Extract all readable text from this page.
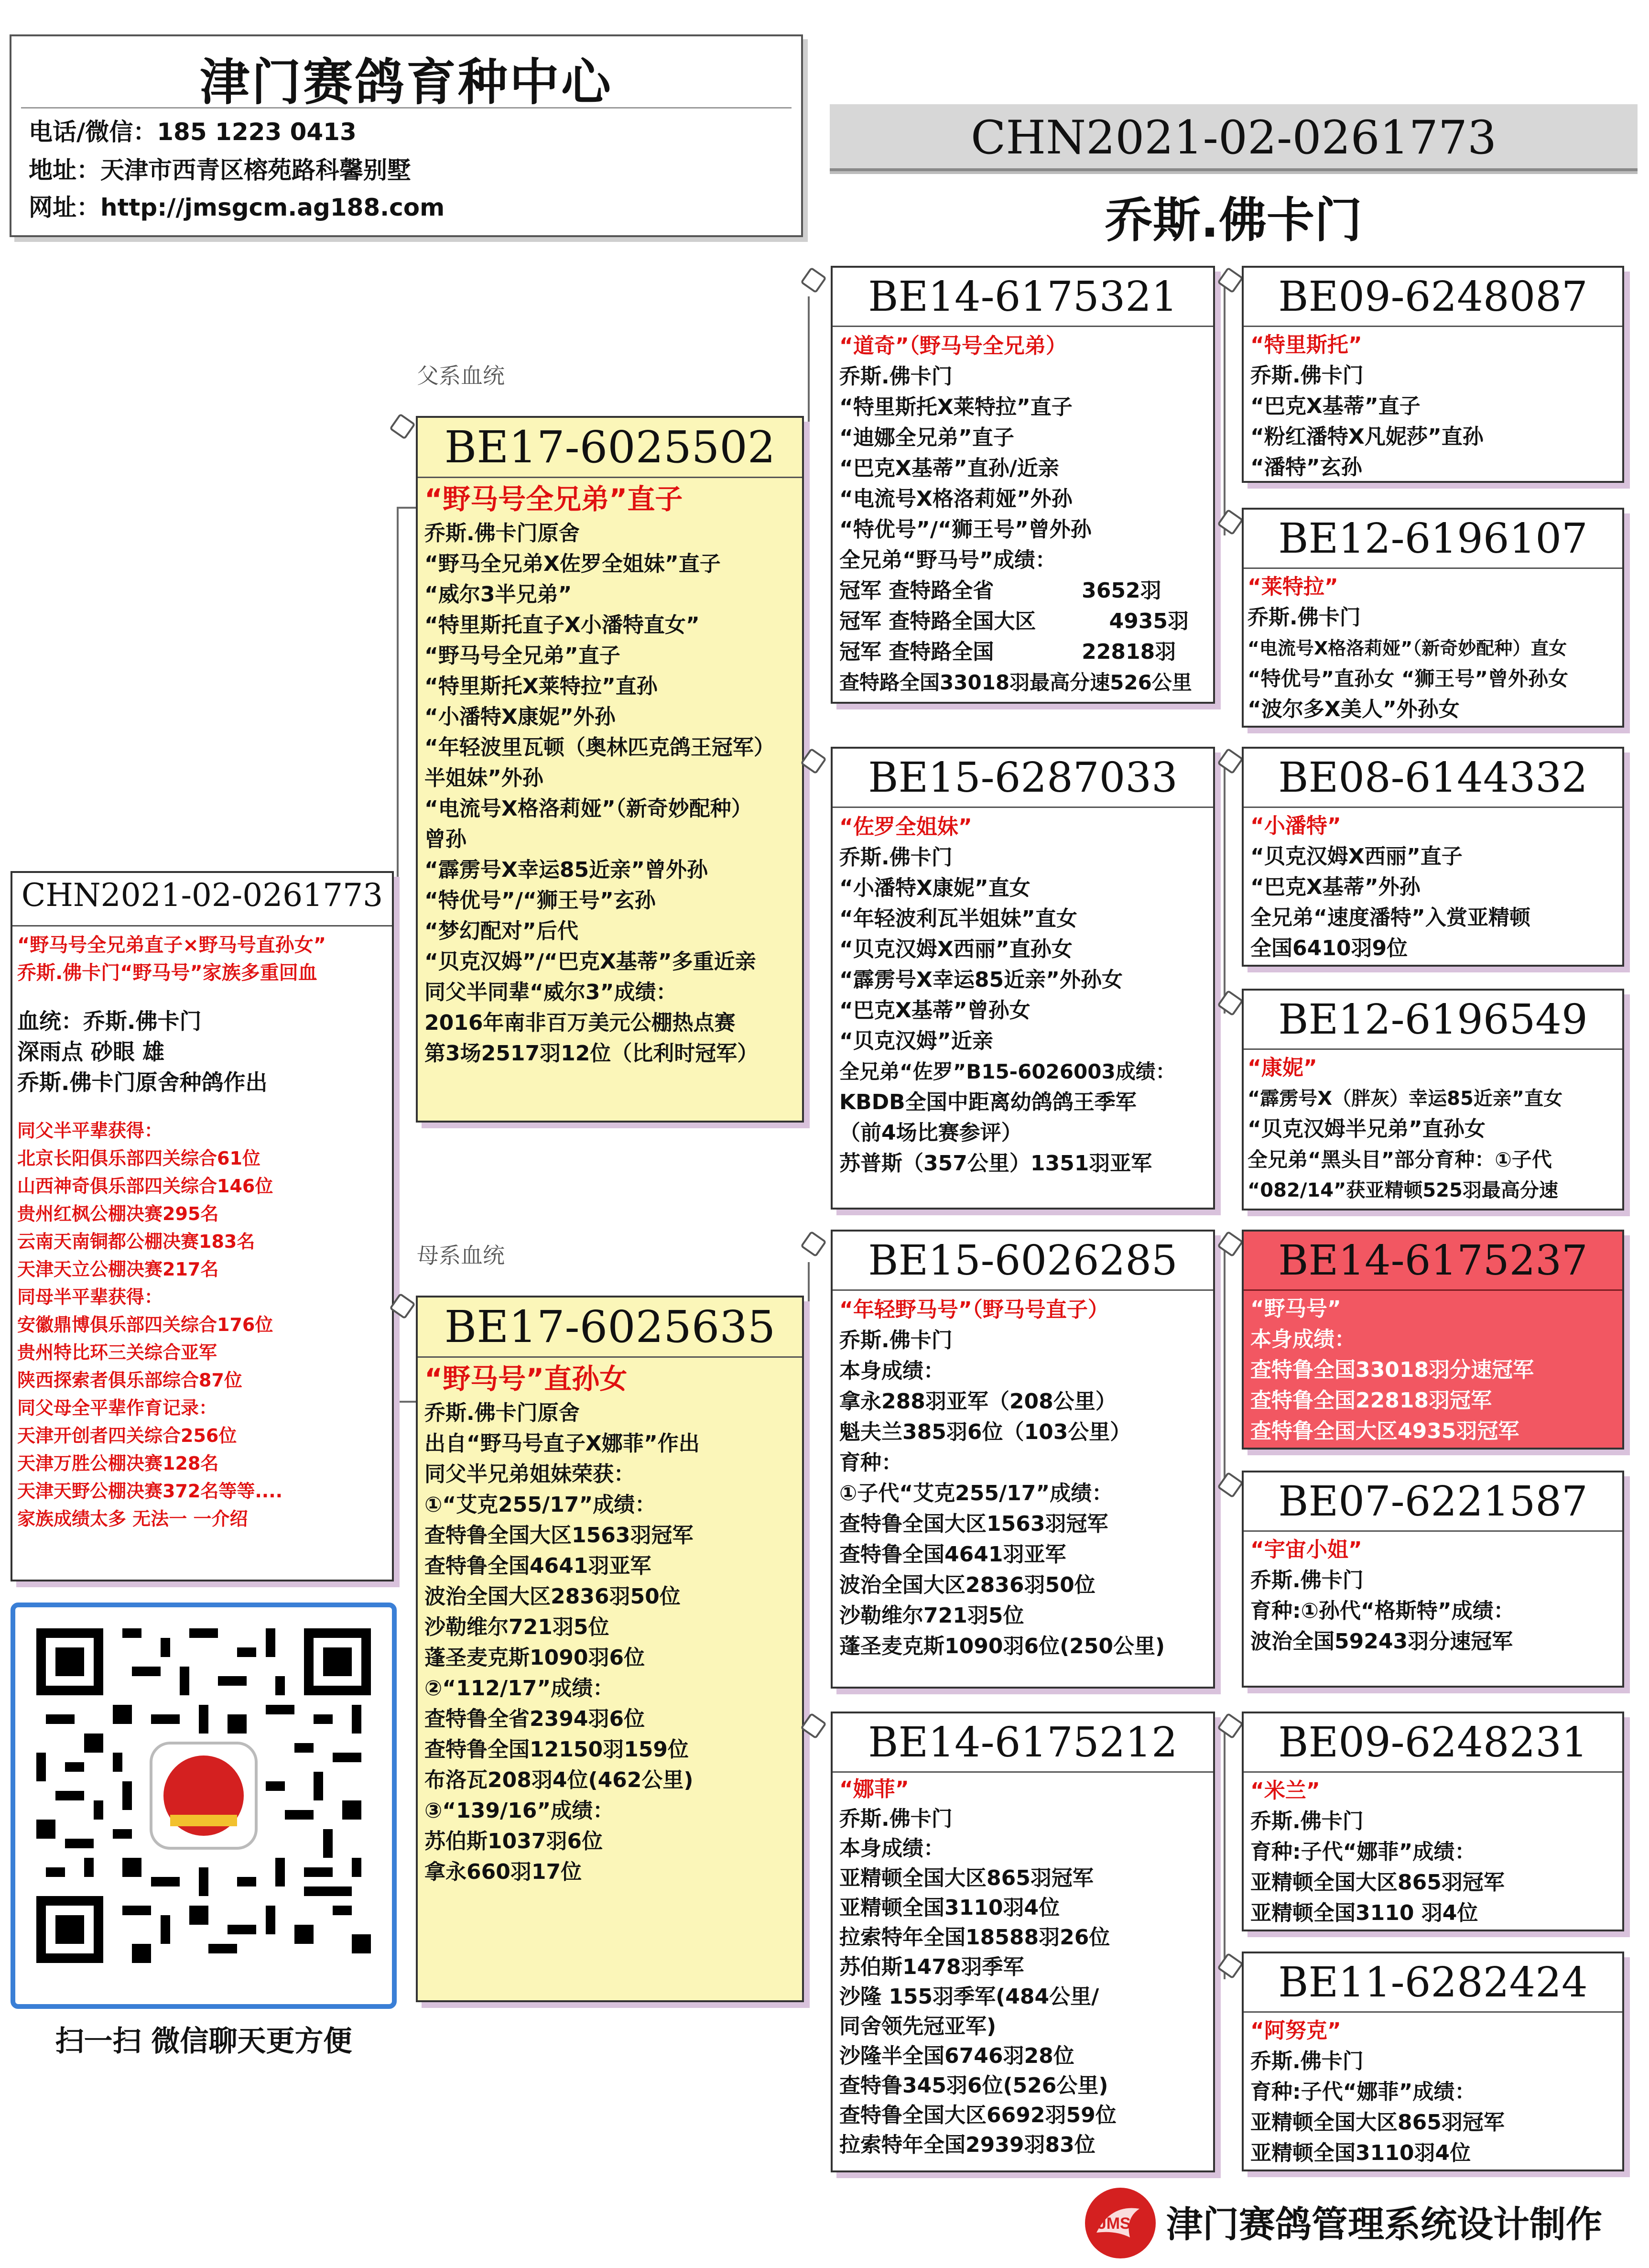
津门赛鸽育种中心
电话/微信：185 1223 0413
地址：天津市西青区榕苑路科馨别墅
网址：http://jmsgcm.ag188.com
CHN2021-02-0261773
乔斯.佛卡门
父系血统
母系血统
CHN2021-02-0261773
“野马号全兄弟直子×野马号直孙女”
乔斯.佛卡门“野马号”家族多重回血
血统：乔斯.佛卡门
深雨点 砂眼 雄
乔斯.佛卡门原舍种鸽作出
同父半平辈获得：
北京长阳俱乐部四关综合61位
山西神奇俱乐部四关综合146位
贵州红枫公棚决赛295名
云南天南铜都公棚决赛183名
天津天立公棚决赛217名
同母半平辈获得：
安徽鼎博俱乐部四关综合176位
贵州特比环三关综合亚军
陕西探索者俱乐部综合87位
同父母全平辈作育记录：
天津开创者四关综合256位
天津万胜公棚决赛128名
天津天野公棚决赛372名等等....
家族成绩太多 无法一 一介绍
扫一扫 微信聊天更方便
BE17-6025502
“野马号全兄弟”直子
乔斯.佛卡门原舍
“野马全兄弟X佐罗全姐妹”直子
“威尔3半兄弟”
“特里斯托直子X小潘特直女”
“野马号全兄弟”直子
“特里斯托X莱特拉”直孙
“小潘特X康妮”外孙
“年轻波里瓦顿（奥林匹克鸽王冠军）
半姐妹”外孙
“电流号X格洛莉娅”（新奇妙配种）
曾孙
“霹雳号X幸运85近亲”曾外孙
“特优号”/“狮王号”玄孙
“梦幻配对”后代
“贝克汉姆”/“巴克X基蒂”多重近亲
同父半同辈“威尔3”成绩：
2016年南非百万美元公棚热点赛
第3场2517羽12位（比利时冠军）
BE17-6025635
“野马号”直孙女
乔斯.佛卡门原舍
出自“野马号直子X娜菲”作出
同父半兄弟姐妹荣获：
①“艾克255/17”成绩：
查特鲁全国大区1563羽冠军
查特鲁全国4641羽亚军
波治全国大区2836羽50位
沙勒维尔721羽5位
蓬圣麦克斯1090羽6位
②“112/17”成绩：
查特鲁全省2394羽6位
查特鲁全国12150羽159位
布洛瓦208羽4位(462公里)
③“139/16”成绩：
苏伯斯1037羽6位
拿永660羽17位
BE14-6175321
“道奇”（野马号全兄弟）
乔斯.佛卡门
“特里斯托X莱特拉”直子
“迪娜全兄弟”直子
“巴克X基蒂”直孙/近亲
“电流号X格洛莉娅”外孙
“特优号”/“狮王号”曾外孙
全兄弟“野马号”成绩：
冠军 查特路全省            3652羽
冠军 查特路全国大区          4935羽
冠军 查特路全国            22818羽
查特路全国33018羽最高分速526公里
BE15-6287033
“佐罗全姐妹”
乔斯.佛卡门
“小潘特X康妮”直女
“年轻波利瓦半姐妹”直女
“贝克汉姆X西丽”直孙女
“霹雳号X幸运85近亲”外孙女
“巴克X基蒂”曾孙女
“贝克汉姆”近亲
全兄弟“佐罗”B15-6026003成绩：
KBDB全国中距离幼鸽鸽王季军
（前4场比赛参评）
苏普斯（357公里）1351羽亚军
BE15-6026285
“年轻野马号”（野马号直子）
乔斯.佛卡门
本身成绩：
拿永288羽亚军（208公里）
魁夫兰385羽6位（103公里）
育种：
①子代“艾克255/17”成绩：
查特鲁全国大区1563羽冠军
查特鲁全国4641羽亚军
波治全国大区2836羽50位
沙勒维尔721羽5位
蓬圣麦克斯1090羽6位(250公里)
BE14-6175212
“娜菲”
乔斯.佛卡门
本身成绩：
亚精顿全国大区865羽冠军
亚精顿全国3110羽4位
拉索特年全国18588羽26位
苏伯斯1478羽季军
沙隆 155羽季军(484公里/
同舍领先冠亚军)
沙隆半全国6746羽28位
查特鲁345羽6位(526公里)
查特鲁全国大区6692羽59位
拉索特年全国2939羽83位
BE09-6248087
“特里斯托”
乔斯.佛卡门
“巴克X基蒂”直子
“粉红潘特X凡妮莎”直孙
“潘特”玄孙
BE12-6196107
“莱特拉”
乔斯.佛卡门
“电流号X格洛莉娅”（新奇妙配种）直女
“特优号”直孙女 “狮王号”曾外孙女
“波尔多X美人”外孙女
BE08-6144332
“小潘特”
“贝克汉姆X西丽”直子
“巴克X基蒂”外孙
全兄弟“速度潘特”入赏亚精顿
全国6410羽9位
BE12-6196549
“康妮”
“霹雳号X（胖灰）幸运85近亲”直女
“贝克汉姆半兄弟”直孙女
全兄弟“黑头目”部分育种：①子代
“082/14”获亚精顿525羽最高分速
BE14-6175237
“野马号”
本身成绩：
查特鲁全国33018羽分速冠军
查特鲁全国22818羽冠军
查特鲁全国大区4935羽冠军
BE07-6221587
“宇宙小姐”
乔斯.佛卡门
育种:①孙代“格斯特”成绩：
波治全国59243羽分速冠军
BE09-6248231
“米兰”
乔斯.佛卡门
育种:子代“娜菲”成绩：
亚精顿全国大区865羽冠军
亚精顿全国3110 羽4位
BE11-6282424
“阿努克”
乔斯.佛卡门
育种:子代“娜菲”成绩：
亚精顿全国大区865羽冠军
亚精顿全国3110羽4位
JMSG 津门赛鸽管理系统设计制作
